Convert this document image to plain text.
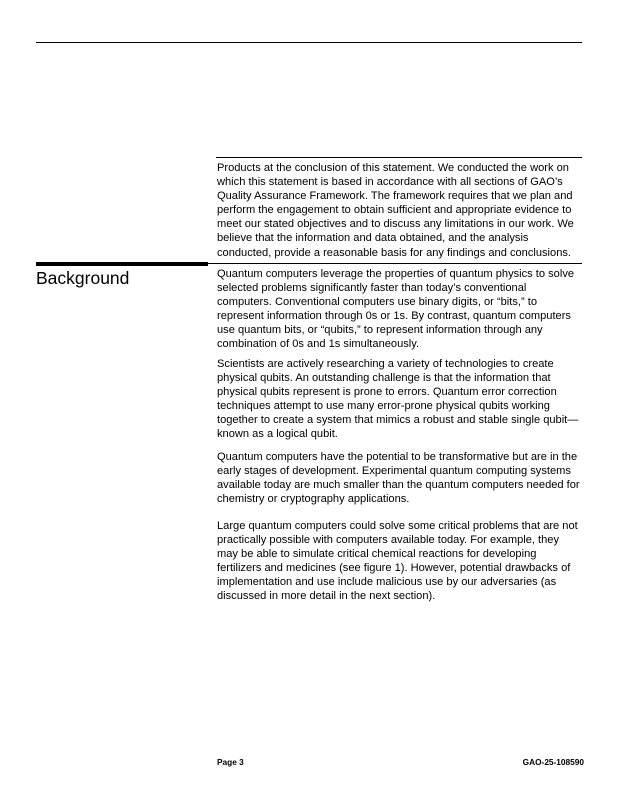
Products at the conclusion of this statement. We conducted the work on which this statement is based in accordance with all sections of GAO’s Quality Assurance Framework. The framework requires that we plan and perform the engagement to obtain sufficient and appropriate evidence to meet our stated objectives and to discuss any limitations in our work. We believe that the information and data obtained, and the analysis conducted, provide a reasonable basis for any findings and conclusions.

Background	Quantum computers leverage the properties of quantum physics to solve selected problems significantly faster than today’s conventional computers. Conventional computers use binary digits, or “bits,” to represent information through 0s or 1s. By contrast, quantum computers use quantum bits, or “qubits,” to represent information through any combination of 0s and 1s simultaneously.

Scientists are actively researching a variety of technologies to create physical qubits. An outstanding challenge is that the information that physical qubits represent is prone to errors. Quantum error correction techniques attempt to use many error-prone physical qubits working together to create a system that mimics a robust and stable single qubit—known as a logical qubit.

Quantum computers have the potential to be transformative but are in the early stages of development. Experimental quantum computing systems available today are much smaller than the quantum computers needed for chemistry or cryptography applications.

Large quantum computers could solve some critical problems that are not practically possible with computers available today. For example, they may be able to simulate critical chemical reactions for developing fertilizers and medicines (see figure 1). However, potential drawbacks of implementation and use include malicious use by our adversaries (as discussed in more detail in the next section).

Page 3	GAO-25-108590
